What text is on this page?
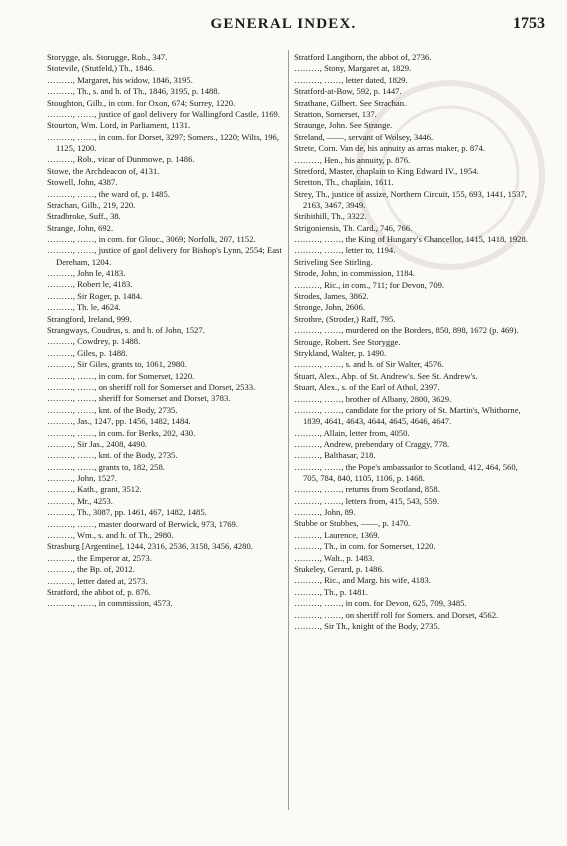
GENERAL INDEX.	1753
Storygge, als. Storugge, Rob., 347.
Stotevile, (Stutfeld,) Th., 1846.
………, Margaret, his widow, 1846, 3195.
………, Th., s. and h. of Th., 1846, 3195, p. 1488.
Stoughton, Gilb., in com. for Oxon, 674; Surrey, 1220.
………, ……, justice of gaol delivery for Wallingford Castle, 1169.
Stourton, Wm. Lord, in Parliament, 1131.
………, ……, in com. for Dorset, 3297; Somers., 1220; Wilts, 196, 1125, 1200.
………, Rob., vicar of Dunmowe, p. 1486.
Stowe, the Archdeacon of, 4131.
Stowell, John, 4387.
………, ……, the ward of, p. 1485.
Strachan, Gilb., 219, 220.
Stradbroke, Suff., 38.
Strange, John, 692.
………, ……, in com. for Glouc., 3069; Norfolk, 207, 1152.
………, ……, justice of gaol delivery for Bishop's Lynn, 2554; East Dereham, 1204.
………, John le, 4183.
………, Robert le, 4183.
………, Sir Roger, p. 1484.
………, Th. le, 4624.
Strangford, Ireland, 999.
Strangways, Coudrus, s. and h. of John, 1527.
………, Cowdrey, p. 1488.
………, Giles, p. 1488.
………, Sir Giles, grants to, 1061, 2980.
………, ……, in com. for Somerset, 1220.
………, ……, on sheriff roll for Somerset and Dorset, 2533.
………, ……, sheriff for Somerset and Dorset, 3783.
………, ……, knt. of the Body, 2735.
………, Jas., 1247, pp. 1456, 1482, 1484.
………, ……, in com. for Berks, 202, 430.
………, Sir Jas., 2408, 4490.
………, ……, knt. of the Body, 2735.
………, ……, grants to, 182, 258.
………, John, 1527.
………, Kath., grant, 3512.
………, Mr., 4253.
………, Th., 3087, pp. 1461, 467, 1482, 1485.
………, ……, master doorward of Berwick, 973, 1769.
………, Wm., s. and h. of Th., 2980.
Strasburg [Argentine], 1244, 2316, 2536, 3158, 3456, 4280.
………, the Emperor at, 2573.
………, the Bp. of, 2012.
………, letter dated at, 2573.
Stratford, the abbot of, p. 876.
………, ……, in commission, 4573.
Stratford Langthorn, the abbot of, 2736.
………, Stony, Margaret at, 1829.
………, ……, letter dated, 1829.
Stratford-at-Bow, 592, p. 1447.
Strathane, Gilbert. See Strachan.
Stratton, Somerset, 137.
Straunge, John. See Strange.
Streland, ——, servant of Wolsey, 3446.
Strete, Corn. Van de, his annuity as arras maker, p. 874.
………, Hen., his annuity, p. 876.
Stretford, Master, chaplain to King Edward IV., 1954.
Stretton, Th., chaplain, 1611.
Strey, Th., justice of assize, Northern Circuit, 155, 693, 1441, 1537, 2163, 3467, 3949.
Stribithill, Th., 3322.
Strigoniensis, Th. Card., 746, 766.
………, ……, the King of Hungary's Chancellor, 1415, 1418, 1928.
………, ……, letter to, 1194.
Striveling See Stirling.
Strode, John, in commission, 1184.
………, Ric., in com., 711; for Devon, 709.
Strodes, James, 3862.
Stronge, John, 2606.
Strothre, (Stroder,) Raff, 795.
………, ……, murdered on the Borders, 850, 898, 1672 (p. 469).
Strouge, Robert. See Storygge.
Strykland, Walter, p. 1490.
………, ……, s. and h. of Sir Walter, 4576.
Stuart, Alex., Abp. of St. Andrew's. See St. Andrew's.
Stuart, Alex., s. of the Earl of Athol, 2397.
………, ……, brother of Albany, 2800, 3629.
………, ……, candidate for the priory of St. Martin's, Whithorne, 1839, 4641, 4643, 4644, 4645, 4646, 4647.
………, Allain, letter from, 4050.
………, Andrew, prebendary of Craggy, 778.
………, Balthasar, 218.
………, ……, the Pope's ambassador to Scotland, 412, 464, 560, 705, 784, 840, 1105, 1106, p. 1468.
………, ……, returns from Scotland, 858.
………, ……, letters from, 415, 543, 559.
………, John, 89.
Stubbe or Stubbes, ——, p. 1470.
………, Laurence, 1369.
………, Th., in com. for Somerset, 1220.
………, Walt., p. 1483.
Stukeley, Gerard, p. 1486.
………, Ric., and Marg. his wife, 4183.
………, Th., p. 1481.
………, ……, in com. for Devon, 625, 709, 3485.
………, ……, on sheriff roll for Somers. and Dorset, 4562.
………, Sir Th., knight of the Body, 2735.
